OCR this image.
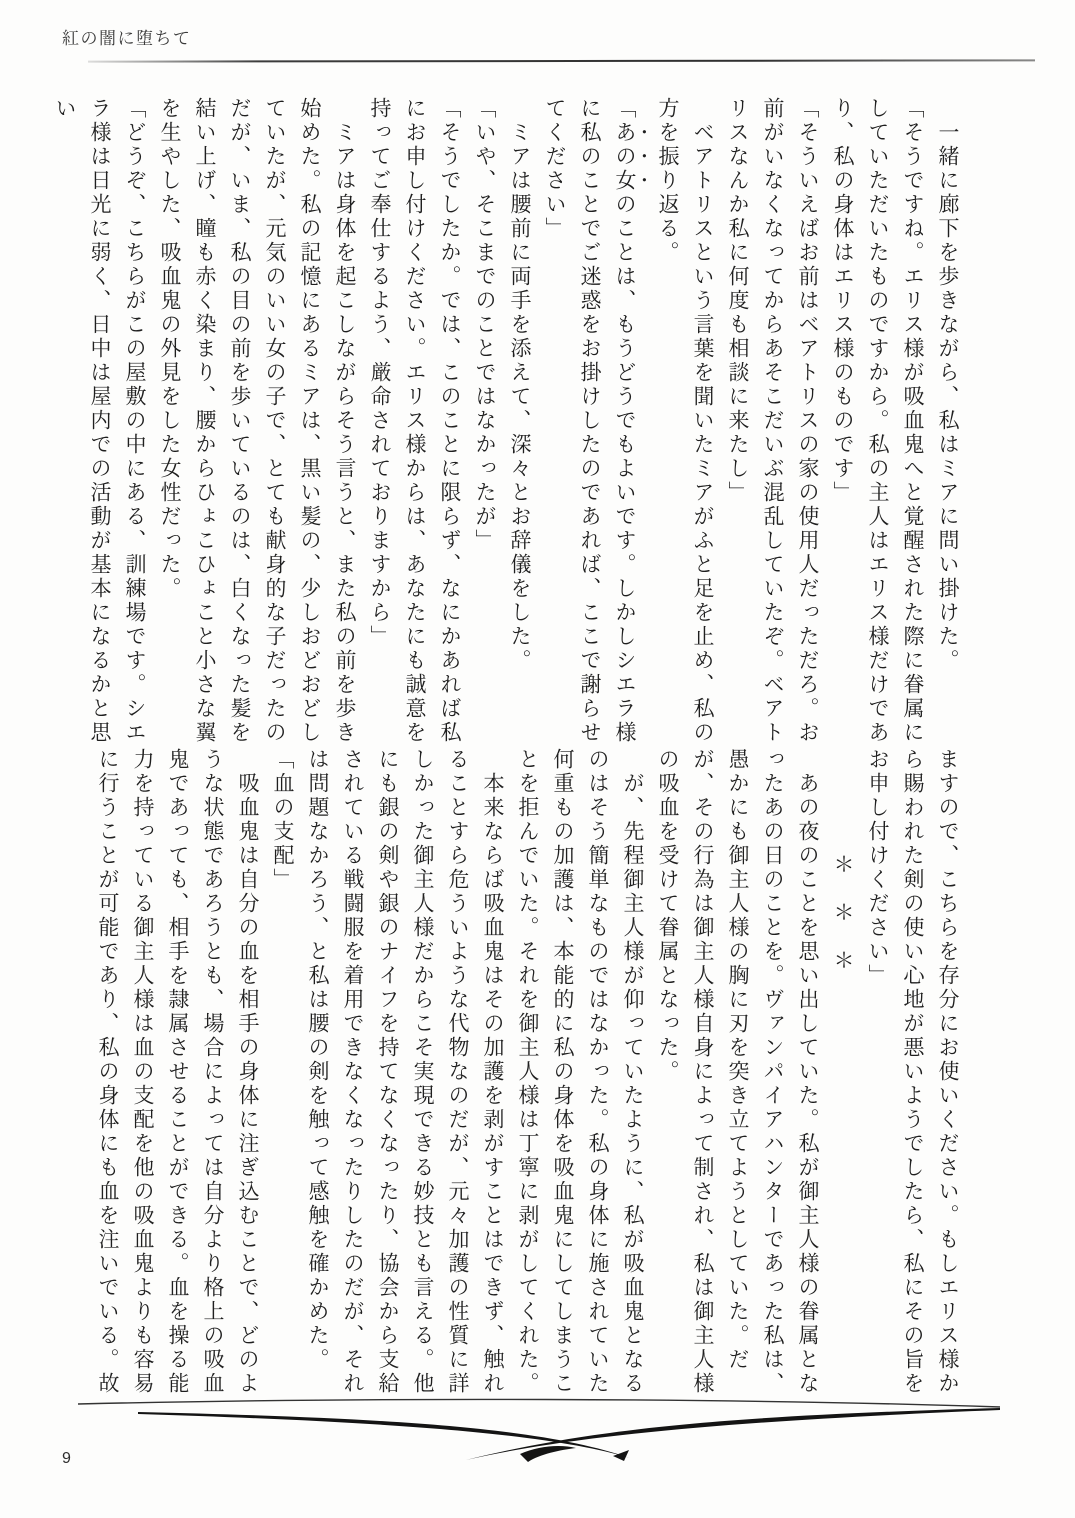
紅の闇に堕ちて

一緒に廊下を歩きながら、私はミアに問い掛けた。

「そうですね。エリス様が吸血鬼へと覚醒された際に眷属にしていただいたものですから。私の主人はエリス様だけであり、私の身体はエリス様のものです」

「そういえばお前はベアトリスの家の使用人だっただろ。お前がいなくなってからあそこだいぶ混乱していたぞ。ベアトリスなんか私に何度も相談に来たし」

ベアトリスという言葉を聞いたミアがふと足を止め、私の方を振り返る。

「あの女のことは、もうどうでもよいです。しかしシエラ様に私のことでご迷惑をお掛けしたのであれば、ここで謝らせてください」

ミアは腰前に両手を添えて、深々とお辞儀をした。

「いや、そこまでのことではなかったが」

「そうでしたか。では、このことに限らず、なにかあれば私にお申し付けください。エリス様からは、あなたにも誠意を持ってご奉仕するよう、厳命されておりますから」

ミアは身体を起こしながらそう言うと、また私の前を歩き始めた。私の記憶にあるミアは、黒い髪の、少しおどおどしていたが、元気のいい女の子で、とても献身的な子だったのだが、いま、私の目の前を歩いているのは、白くなった髪を結い上げ、瞳も赤く染まり、腰からひょこひょこと小さな翼を生やした、吸血鬼の外見をした女性だった。

「どうぞ、こちらがこの屋敷の中にある、訓練場です。シエラ様は日光に弱く、日中は屋内での活動が基本になるかと思い

ますので、こちらを存分にお使いください。もしエリス様から賜われた剣の使い心地が悪いようでしたら、私にその旨をお申し付けください」

＊　＊　＊

あの夜のことを思い出していた。私が御主人様の眷属となったあの日のことを。ヴァンパイアハンターであった私は、愚かにも御主人様の胸に刃を突き立てようとしていた。だが、その行為は御主人様自身によって制され、私は御主人様の吸血を受けて眷属となった。

が、先程御主人様が仰っていたように、私が吸血鬼となるのはそう簡単なものではなかった。私の身体に施されていた何重もの加護は、本能的に私の身体を吸血鬼にしてしまうことを拒んでいた。それを御主人様は丁寧に剥がしてくれた。

本来ならば吸血鬼はその加護を剥がすことはできず、触れることすら危ういような代物なのだが、元々加護の性質に詳しかった御主人様だからこそ実現できる妙技とも言える。他にも銀の剣や銀のナイフを持てなくなったり、協会から支給されている戦闘服を着用できなくなったりしたのだが、それは問題なかろう、と私は腰の剣を触って感触を確かめた。

「血の支配」

吸血鬼は自分の血を相手の身体に注ぎ込むことで、どのような状態であろうとも、場合によっては自分より格上の吸血鬼であっても、相手を隷属させることができる。血を操る能力を持っている御主人様は血の支配を他の吸血鬼よりも容易に行うことが可能であり、私の身体にも血を注いでいる。故

9
